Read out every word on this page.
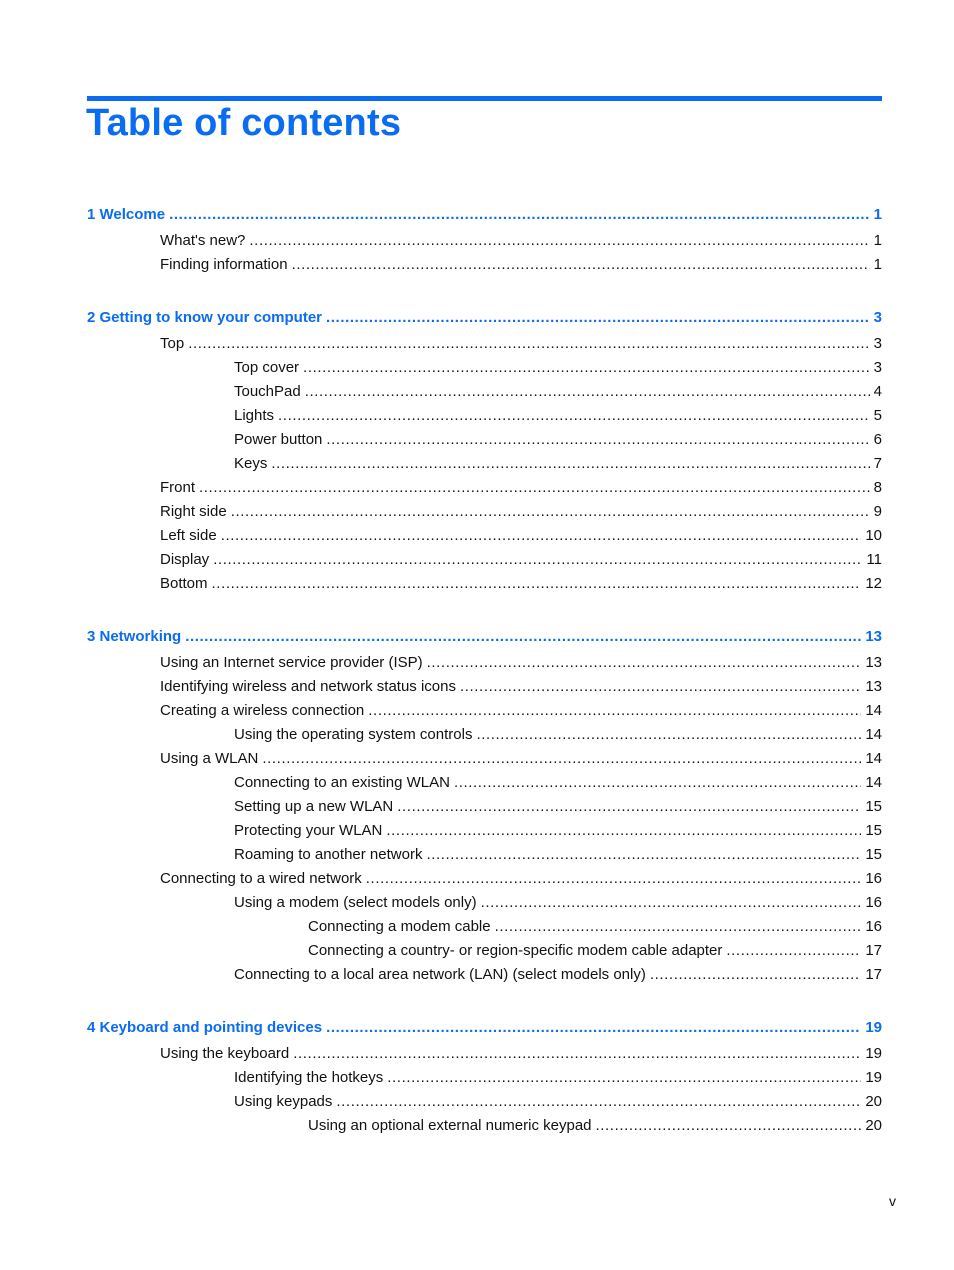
Table of contents
1 Welcome .....	1
What's new? .....	1
Finding information .....	1
2 Getting to know your computer .....	3
Top .....	3
Top cover .....	3
TouchPad .....	4
Lights .....	5
Power button .....	6
Keys .....	7
Front .....	8
Right side .....	9
Left side .....	10
Display .....	11
Bottom .....	12
3 Networking .....	13
Using an Internet service provider (ISP) .....	13
Identifying wireless and network status icons .....	13
Creating a wireless connection .....	14
Using the operating system controls .....	14
Using a WLAN .....	14
Connecting to an existing WLAN .....	14
Setting up a new WLAN .....	15
Protecting your WLAN .....	15
Roaming to another network .....	15
Connecting to a wired network .....	16
Using a modem (select models only) .....	16
Connecting a modem cable .....	16
Connecting a country- or region-specific modem cable adapter .....	17
Connecting to a local area network (LAN) (select models only) .....	17
4 Keyboard and pointing devices .....	19
Using the keyboard .....	19
Identifying the hotkeys .....	19
Using keypads .....	20
Using an optional external numeric keypad .....	20
v
